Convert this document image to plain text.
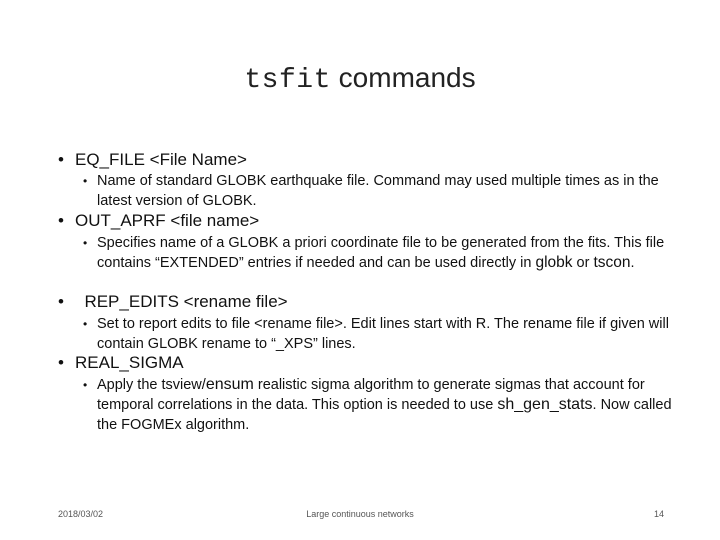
tsfit commands
• EQ_FILE <File Name>
• Name of standard GLOBK earthquake file. Command may used multiple times as in the latest version of GLOBK.
• OUT_APRF <file name>
• Specifies name of a GLOBK a priori coordinate file to be generated from the fits. This file contains “EXTENDED” entries if needed and can be used directly in globk or tscon.
•  REP_EDITS <rename file>
• Set to report edits to file <rename file>. Edit lines start with R. The rename file if given will contain GLOBK rename to “_XPS” lines.
• REAL_SIGMA
• Apply the tsview/ensum realistic sigma algorithm to generate sigmas that account for temporal correlations in the data. This option is needed to use sh_gen_stats. Now called the FOGMEx algorithm.
2018/03/02	Large continuous networks	14
